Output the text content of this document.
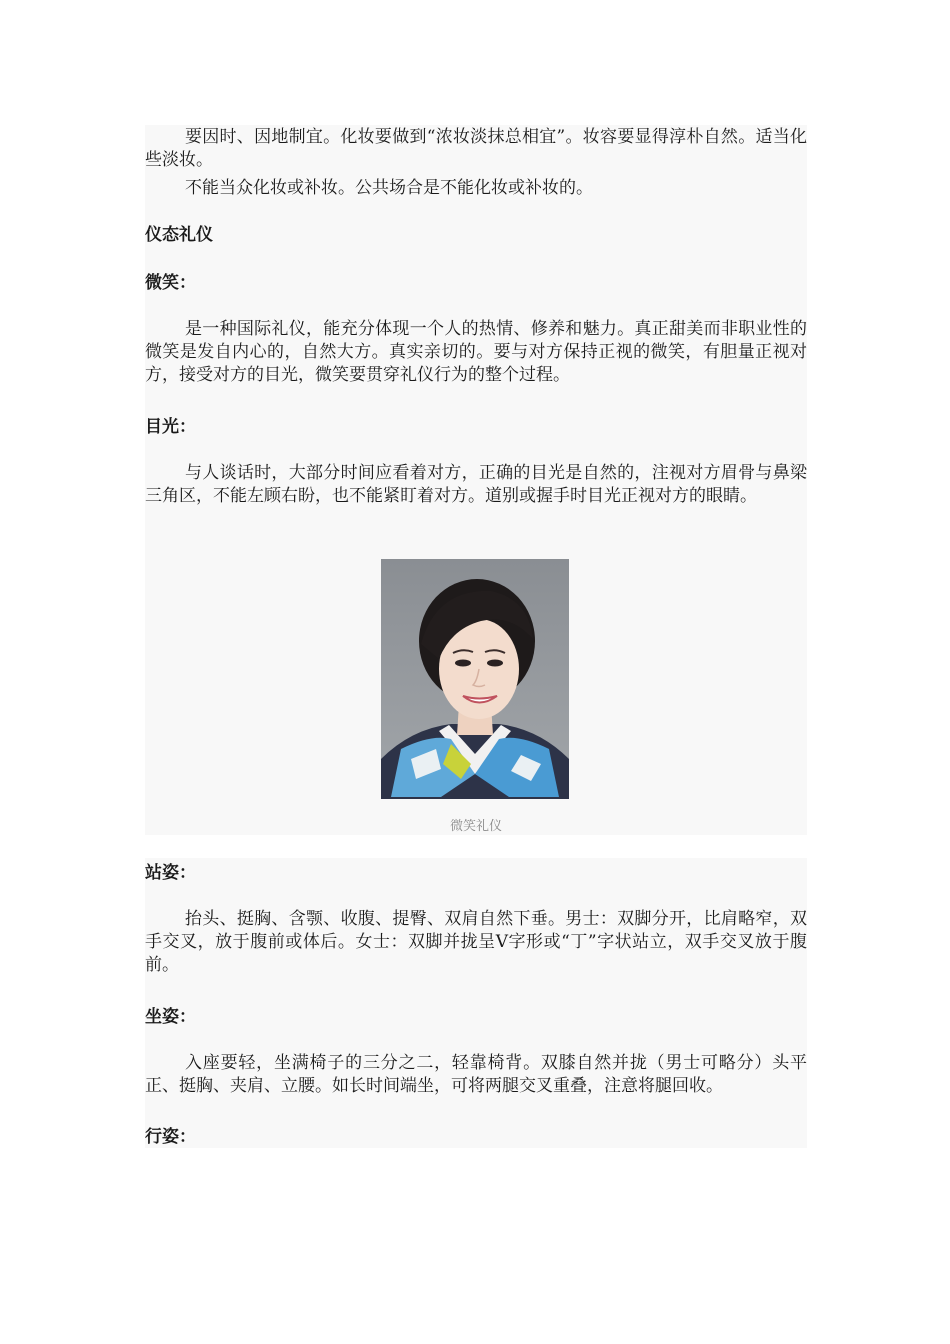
要因时、因地制宜。化妆要做到“浓妆淡抹总相宜”。妆容要显得淳朴自然。适当化些淡妆。

不能当众化妆或补妆。公共场合是不能化妆或补妆的。

仪态礼仪
微笑：

是一种国际礼仪，能充分体现一个人的热情、修养和魅力。真正甜美而非职业性的微笑是发自内心的，自然大方。真实亲切的。要与对方保持正视的微笑，有胆量正视对方，接受对方的目光，微笑要贯穿礼仪行为的整个过程。

目光：

与人谈话时，大部分时间应看着对方，正确的目光是自然的，注视对方眉骨与鼻梁三角区，不能左顾右盼，也不能紧盯着对方。道别或握手时目光正视对方的眼睛。

微笑礼仪
站姿：

抬头、挺胸、含颚、收腹、提臀、双肩自然下垂。男士：双脚分开，比肩略窄，双手交叉，放于腹前或体后。女士：双脚并拢呈V字形或“丁”字状站立，双手交叉放于腹前。

坐姿：

入座要轻，坐满椅子的三分之二，轻靠椅背。双膝自然并拢（男士可略分）头平正、挺胸、夹肩、立腰。如长时间端坐，可将两腿交叉重叠，注意将腿回收。

行姿：
